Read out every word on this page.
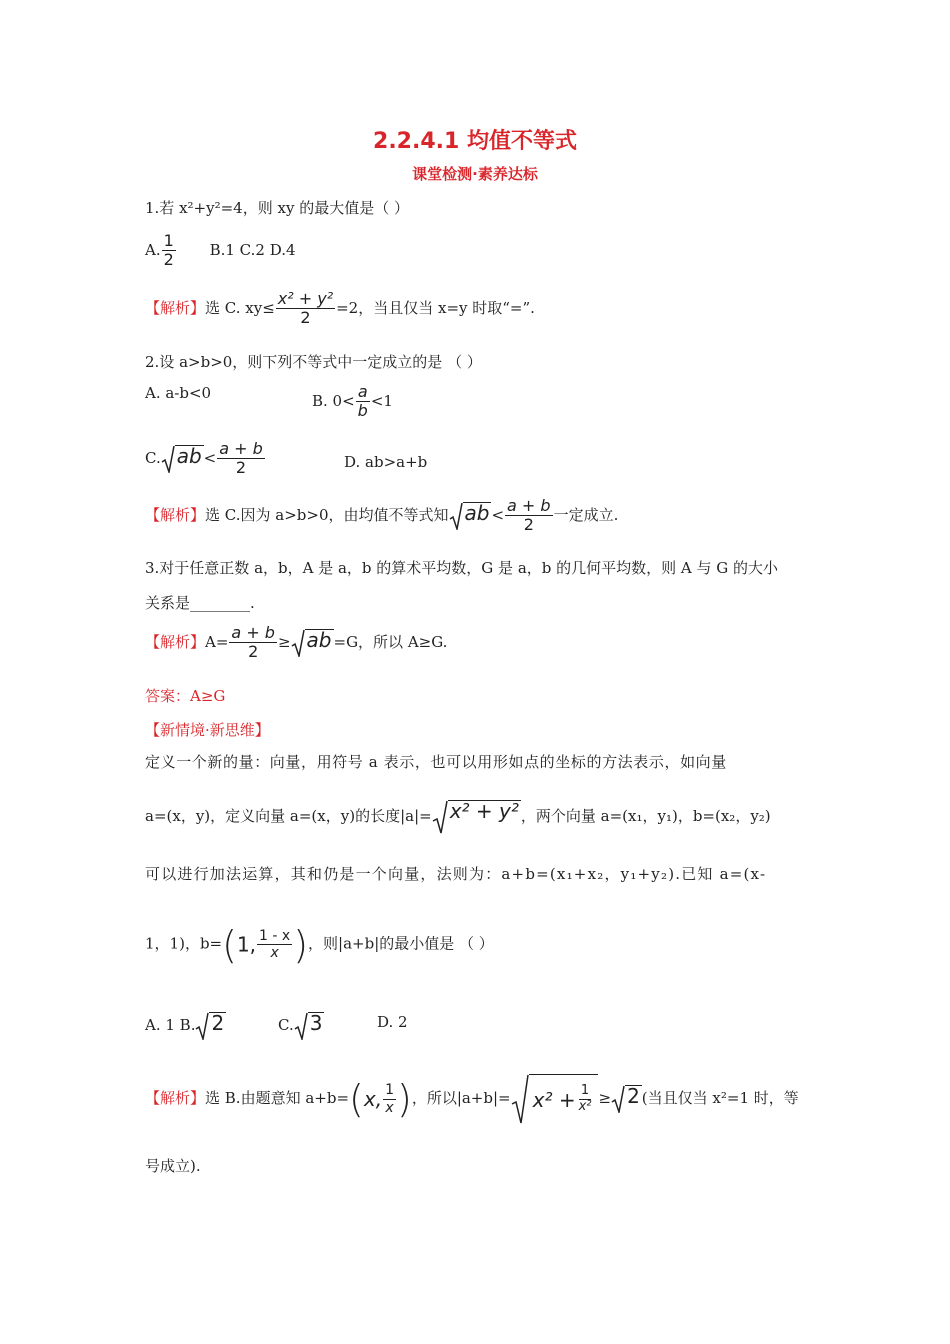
2.2.4.1 均值不等式
课堂检测·素养达标
1.若 x²+y²=4，则 xy 的最大值是（ ）
A. $\frac{1}{2} B.1$ C.2 D.4
【解析】选 C. $xy\le \frac{\text{x² + y²}}{2} =2$，当且仅当 x=y 时取“=”.
2.设 a>b>0，则下列不等式中一定成立的是 （ ）
A. a-b<0	B. $0< \frac{a}{b} <1$
C. ab < $\frac{a + b}{2}$	D. ab>a+b
【解析】选 C.因为 a>b>0，由均值不等式知 ab < $\frac{a + b}{2}$ 一定成立.
3.对于任意正数 a，b，A 是 a，b 的算术平均数，G 是 a，b 的几何平均数，则 A 与 G 的大小
关系是________.
【解析】$A= \frac{a + b}{2}$ ≥ ab =G，所以 A≥G.
答案：A≥G
【新情境·新思维】
定义一个新的量：向量，用符号 a 表示，也可以用形如点的坐标的方法表示，如向量
a=(x，y)，定义向量 a=(x，y)的长度|a|= x² + y² ，两个向量 a=(x₁，y₁)，b=(x₂，y₂)
可以进行加法运算，其和仍是一个向量，法则为：a+b=(x₁+x₂，y₁+y₂).已知 a=(x-
1，1)，b=(1, $\frac{1 - x}{x}$ )，则|a+b|的最小值是 （ ）
A. 1 B. 2	C. 3	D. 2
【解析】选 B.由题意知 a+b=(x, $\frac{1}{x}$ )，所以$|a+b|= x^2 + \frac{1}{\text{x²}} \ge 2$ (当且仅当 x²=1 时，等
号成立).
